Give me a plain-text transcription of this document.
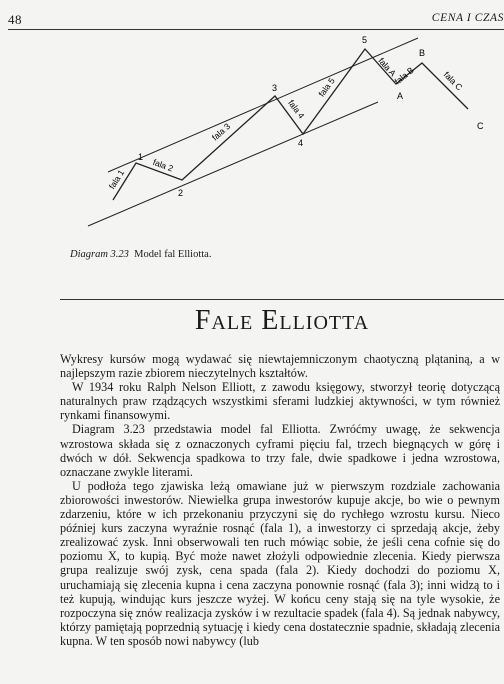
48	CENA I CZAS
1
2
3
4
5
A
B
C
fala 1
fala 2
fala 3
fala 4
fala 5
fala A
fala B	fala C
Diagram 3.23 Model fal Elliotta.
Fale Elliotta

Wykresy kursów mogą wydawać się niewtajemniczonym chaotyczną plątaniną, a w najlepszym razie zbiorem nieczytelnych kształtów.

W 1934 roku Ralph Nelson Elliott, z zawodu księgowy, stworzył teorię dotyczącą naturalnych praw rządzących wszystkimi sferami ludzkiej aktywności, w tym również rynkami finansowymi.

Diagram 3.23 przedstawia model fal Elliotta. Zwróćmy uwagę, że sekwencja wzrostowa składa się z oznaczonych cyframi pięciu fal, trzech biegnących w górę i dwóch w dół. Sekwencja spadkowa to trzy fale, dwie spadkowe i jedna wzrostowa, oznaczane zwykle literami.

U podłoża tego zjawiska leżą omawiane już w pierwszym rozdziale zachowania zbiorowości inwestorów. Niewielka grupa inwestorów kupuje akcje, bo wie o pewnym zdarzeniu, które w ich przekonaniu przyczyni się do rychłego wzrostu kursu. Nieco później kurs zaczyna wyraźnie rosnąć (fala 1), a inwestorzy ci sprzedają akcje, żeby zrealizować zysk. Inni obserwowali ten ruch mówiąc sobie, że jeśli cena cofnie się do poziomu X, to kupią. Być może nawet złożyli odpowiednie zlecenia. Kiedy pierwsza grupa realizuje swój zysk, cena spada (fala 2). Kiedy dochodzi do poziomu X, uruchamiają się zlecenia kupna i cena zaczyna ponownie rosnąć (fala 3); inni widzą to i też kupują, windując kurs jeszcze wyżej. W końcu ceny stają się na tyle wysokie, że rozpoczyna się znów realizacja zysków i w rezultacie spadek (fala 4). Są jednak nabywcy, którzy pamiętają poprzednią sytuację i kiedy cena dostatecznie spadnie, składają zlecenia kupna. W ten sposób nowi nabywcy (lub
